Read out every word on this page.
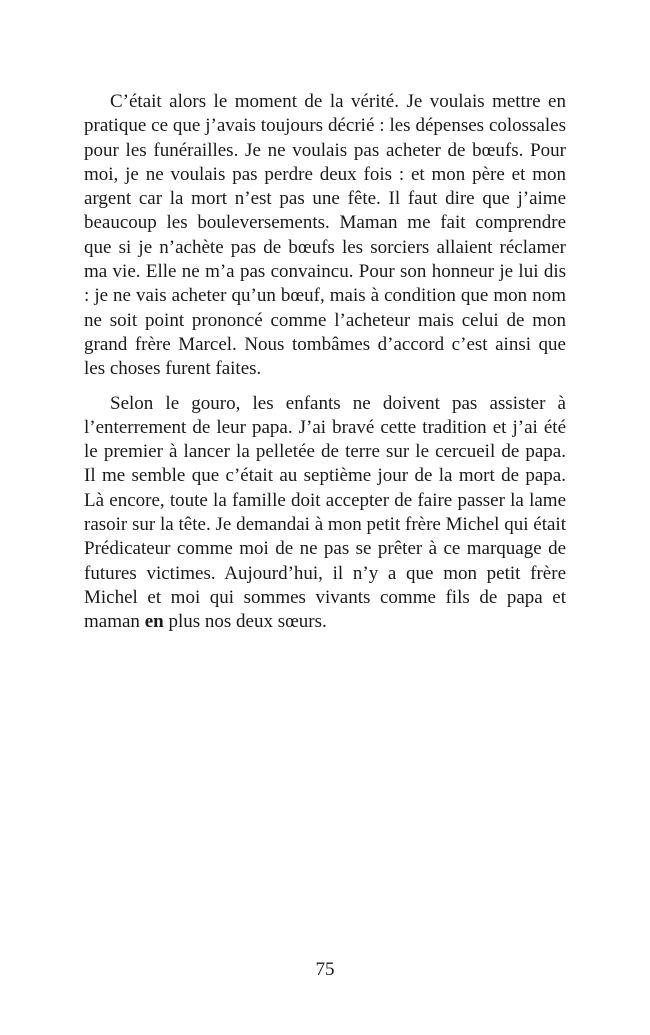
C’était alors le moment de la vérité. Je voulais mettre en pratique ce que j’avais toujours décrié : les dépenses colossales pour les funérailles. Je ne voulais pas acheter de bœufs. Pour moi, je ne voulais pas perdre deux fois : et mon père et mon argent car la mort n’est pas une fête. Il faut dire que j’aime beaucoup les bouleversements. Maman me fait comprendre que si je n’achète pas de bœufs les sorciers allaient réclamer ma vie. Elle ne m’a pas convaincu. Pour son honneur je lui dis : je ne vais acheter qu’un bœuf, mais à condition que mon nom ne soit point prononcé comme l’acheteur mais celui de mon grand frère Marcel. Nous tombâmes d’accord c’est ainsi que les choses furent faites.

Selon le gouro, les enfants ne doivent pas assister à l’enterrement de leur papa. J’ai bravé cette tradition et j’ai été le premier à lancer la pelletée de terre sur le cercueil de papa. Il me semble que c’était au septième jour de la mort de papa. Là encore, toute la famille doit accepter de faire passer la lame rasoir sur la tête. Je demandai à mon petit frère Michel qui était Prédicateur comme moi de ne pas se prêter à ce marquage de futures victimes. Aujourd’hui, il n’y a que mon petit frère Michel et moi qui sommes vivants comme fils de papa et maman en plus nos deux sœurs.

75
